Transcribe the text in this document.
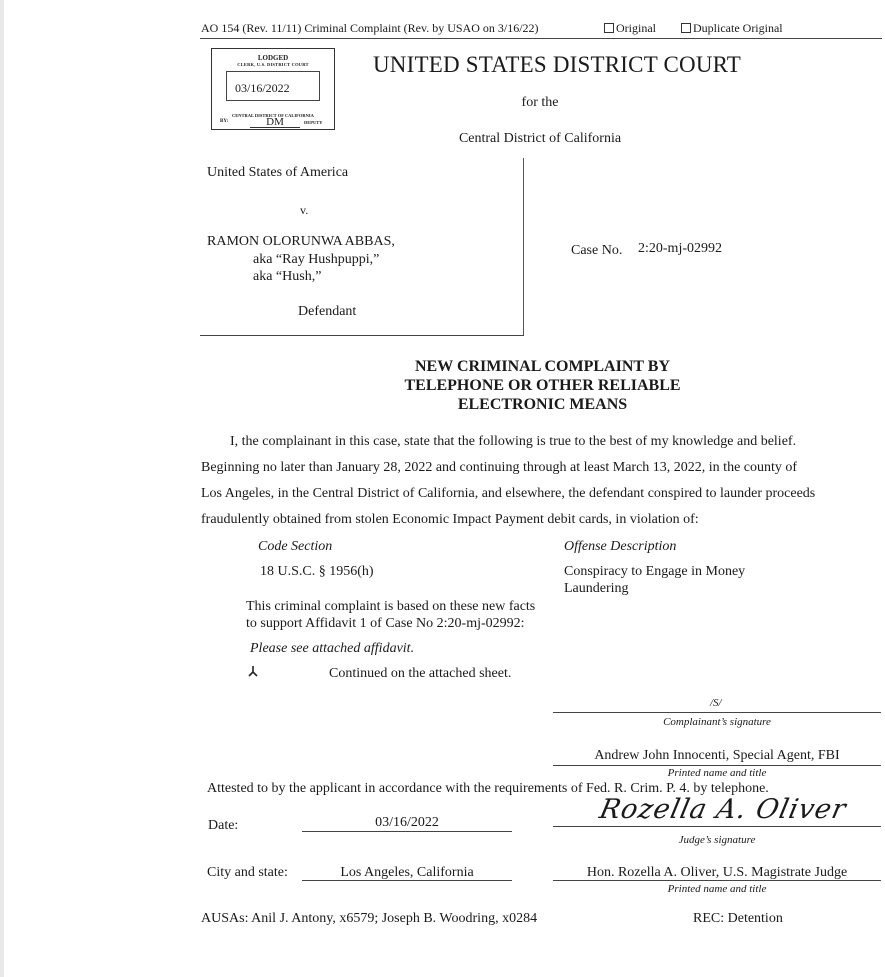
AO 154 (Rev. 11/11) Criminal Complaint (Rev. by USAO on 3/16/22)	Original	Duplicate Original
LODGED
CLERK, U.S. DISTRICT COURT
03/16/2022
CENTRAL DISTRICT OF CALIFORNIA
BY:	DM	DEPUTY
UNITED STATES DISTRICT COURT
for the
Central District of California
United States of America
v.
RAMON OLORUNWA ABBAS,
aka “Ray Hushpuppi,”
aka “Hush,”
Defendant
Case No. 2:20-mj-02992
NEW CRIMINAL COMPLAINT BY
TELEPHONE OR OTHER RELIABLE
ELECTRONIC MEANS
I, the complainant in this case, state that the following is true to the best of my knowledge and belief.
Beginning no later than January 28, 2022 and continuing through at least March 13, 2022, in the county of
Los Angeles, in the Central District of California, and elsewhere, the defendant conspired to launder proceeds
fraudulently obtained from stolen Economic Impact Payment debit cards, in violation of:
Code Section	Offense Description
18 U.S.C. § 1956(h)	Conspiracy to Engage in Money
Laundering
This criminal complaint is based on these new facts
to support Affidavit 1 of Case No 2:20-mj-02992:
Please see attached affidavit.
Continued on the attached sheet.
/S/
Complainant’s signature
Andrew John Innocenti, Special Agent, FBI
Printed name and title
Attested to by the applicant in accordance with the requirements of Fed. R. Crim. P. 4. by telephone.
Date:	03/16/2022	Rozella A. Oliver
Judge’s signature
City and state:	Los Angeles, California	Hon. Rozella A. Oliver, U.S. Magistrate Judge
Printed name and title
AUSAs: Anil J. Antony, x6579; Joseph B. Woodring, x0284	REC: Detention
